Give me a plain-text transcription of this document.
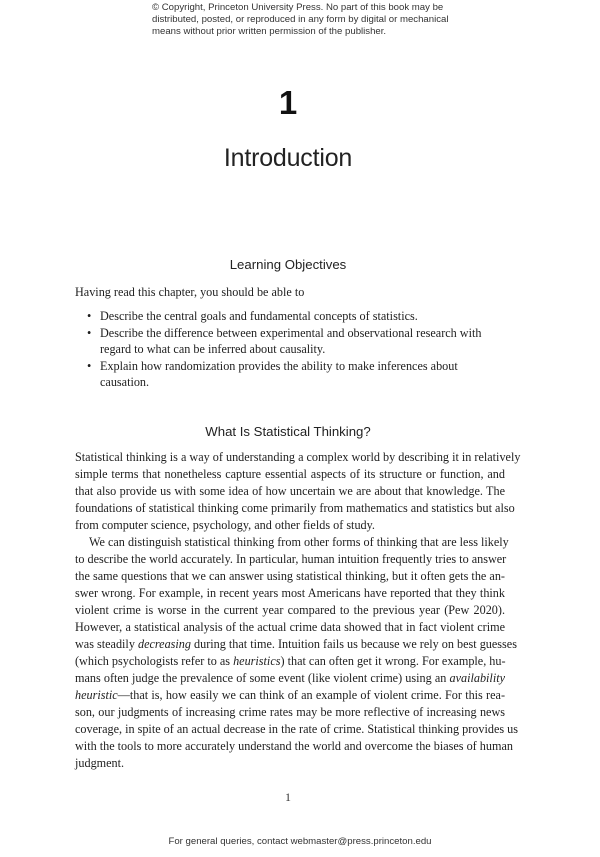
© Copyright, Princeton University Press. No part of this book may be
distributed, posted, or reproduced in any form by digital or mechanical
means without prior written permission of the publisher.
1
Introduction
Learning Objectives

Having read this chapter, you should be able to

• Describe the central goals and fundamental concepts of statistics.
• Describe the difference between experimental and observational research with
regard to what can be inferred about causality.
• Explain how randomization provides the ability to make inferences about
causation.
What Is Statistical Thinking?
Statistical thinking is a way of understanding a complex world by describing it in relatively
simple terms that nonetheless capture essential aspects of its structure or function, and
that also provide us with some idea of how uncertain we are about that knowledge. The
foundations of statistical thinking come primarily from mathematics and statistics but also
from computer science, psychology, and other fields of study.
We can distinguish statistical thinking from other forms of thinking that are less likely
to describe the world accurately. In particular, human intuition frequently tries to answer
the same questions that we can answer using statistical thinking, but it often gets the an-
swer wrong. For example, in recent years most Americans have reported that they think
violent crime is worse in the current year compared to the previous year (Pew 2020).
However, a statistical analysis of the actual crime data showed that in fact violent crime
was steadily decreasing during that time. Intuition fails us because we rely on best guesses
(which psychologists refer to as heuristics) that can often get it wrong. For example, hu-
mans often judge the prevalence of some event (like violent crime) using an availability
heuristic—that is, how easily we can think of an example of violent crime. For this rea-
son, our judgments of increasing crime rates may be more reflective of increasing news
coverage, in spite of an actual decrease in the rate of crime. Statistical thinking provides us
with the tools to more accurately understand the world and overcome the biases of human
judgment.

1

For general queries, contact webmaster@press.princeton.edu
